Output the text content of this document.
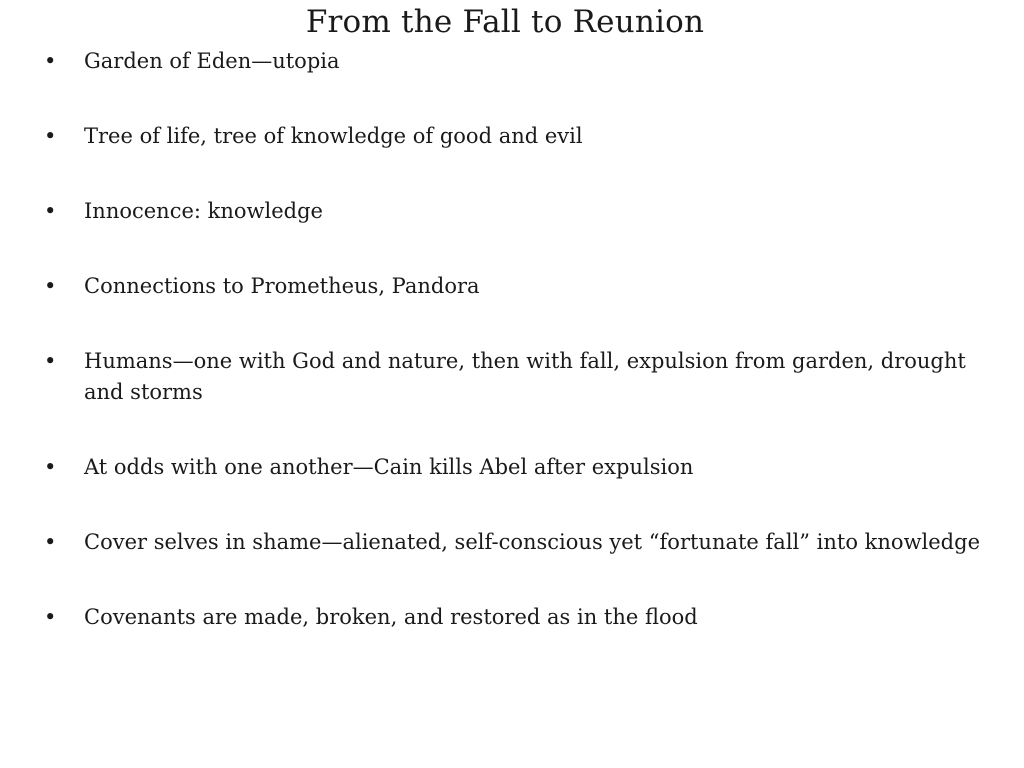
From the Fall to Reunion
• Garden of Eden—utopia
• Tree of life, tree of knowledge of good and evil
• Innocence: knowledge
• Connections to Prometheus, Pandora
• Humans—one with God and nature, then with fall, expulsion from garden, drought and storms
• At odds with one another—Cain kills Abel after expulsion
• Cover selves in shame—alienated, self-conscious yet “fortunate fall” into knowledge
• Covenants are made, broken, and restored as in the flood
